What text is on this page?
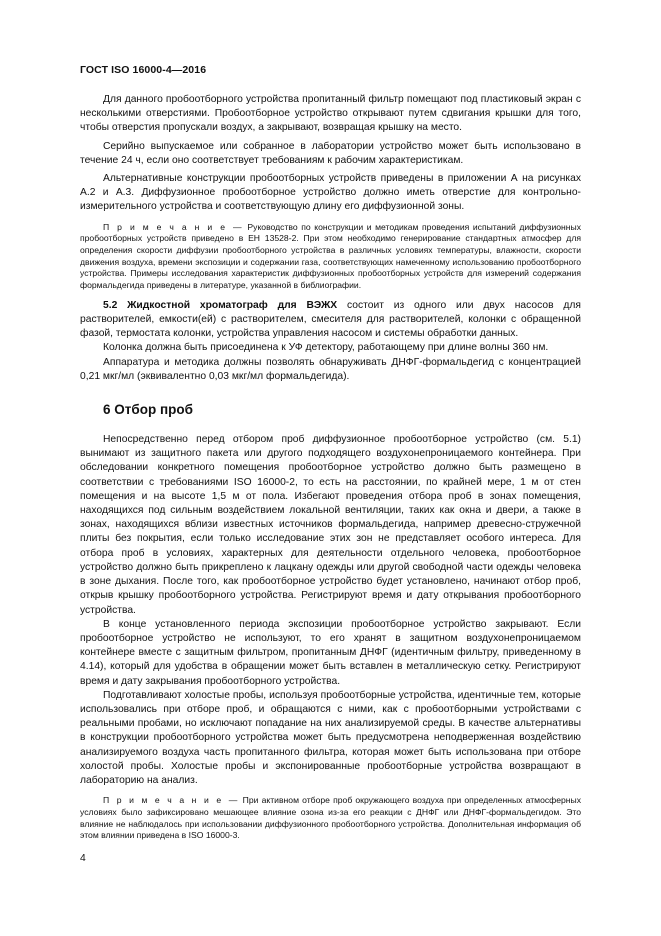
ГОСТ ISO 16000-4—2016

Для данного пробоотборного устройства пропитанный фильтр помещают под пластиковый экран с несколькими отверстиями. Пробоотборное устройство открывают путем сдвигания крышки для того, чтобы отверстия пропускали воздух, а закрывают, возвращая крышку на место.

Серийно выпускаемое или собранное в лаборатории устройство может быть использовано в течение 24 ч, если оно соответствует требованиям к рабочим характеристикам.

Альтернативные конструкции пробоотборных устройств приведены в приложении А на рисунках А.2 и А.3. Диффузионное пробоотборное устройство должно иметь отверстие для контрольно-измерительного устройства и соответствующую длину его диффузионной зоны.

П р и м е ч а н и е — Руководство по конструкции и методикам проведения испытаний диффузионных пробоотборных устройств приведено в ЕН 13528-2. При этом необходимо генерирование стандартных атмосфер для определения скорости диффузии пробоотборного устройства в различных условиях температуры, влажности, скорости движения воздуха, времени экспозиции и содержании газа, соответствующих намеченному использованию пробоотборного устройства. Примеры исследования характеристик диффузионных пробоотборных устройств для измерений содержания формальдегида приведены в литературе, указанной в библиографии.

5.2 Жидкостной хроматограф для ВЭЖХ состоит из одного или двух насосов для растворителей, емкости(ей) с растворителем, смесителя для растворителей, колонки с обращенной фазой, термостата колонки, устройства управления насосом и системы обработки данных.

Колонка должна быть присоединена к УФ детектору, работающему при длине волны 360 нм.

Аппаратура и методика должны позволять обнаруживать ДНФГ-формальдегид с концентрацией 0,21 мкг/мл (эквивалентно 0,03 мкг/мл формальдегида).

6 Отбор проб

Непосредственно перед отбором проб диффузионное пробоотборное устройство (см. 5.1) вынимают из защитного пакета или другого подходящего воздухонепроницаемого контейнера. При обследовании конкретного помещения пробоотборное устройство должно быть размещено в соответствии с требованиями ISO 16000-2, то есть на расстоянии, по крайней мере, 1 м от стен помещения и на высоте 1,5 м от пола. Избегают проведения отбора проб в зонах помещения, находящихся под сильным воздействием локальной вентиляции, таких как окна и двери, а также в зонах, находящихся вблизи известных источников формальдегида, например древесно-стружечной плиты без покрытия, если только исследование этих зон не представляет особого интереса. Для отбора проб в условиях, характерных для деятельности отдельного человека, пробоотборное устройство должно быть прикреплено к лацкану одежды или другой свободной части одежды человека в зоне дыхания. После того, как пробоотборное устройство будет установлено, начинают отбор проб, открыв крышку пробоотборного устройства. Регистрируют время и дату открывания пробоотборного устройства.

В конце установленного периода экспозиции пробоотборное устройство закрывают. Если пробоотборное устройство не используют, то его хранят в защитном воздухонепроницаемом контейнере вместе с защитным фильтром, пропитанным ДНФГ (идентичным фильтру, приведенному в 4.14), который для удобства в обращении может быть вставлен в металлическую сетку. Регистрируют время и дату закрывания пробоотборного устройства.

Подготавливают холостые пробы, используя пробоотборные устройства, идентичные тем, которые использовались при отборе проб, и обращаются с ними, как с пробоотборными устройствами с реальными пробами, но исключают попадание на них анализируемой среды. В качестве альтернативы в конструкции пробоотборного устройства может быть предусмотрена неподверженная воздействию анализируемого воздуха часть пропитанного фильтра, которая может быть использована при отборе холостой пробы. Холостые пробы и экспонированные пробоотборные устройства возвращают в лабораторию на анализ.

П р и м е ч а н и е — При активном отборе проб окружающего воздуха при определенных атмосферных условиях было зафиксировано мешающее влияние озона из-за его реакции с ДНФГ или ДНФГ-формальдегидом. Это влияние не наблюдалось при использовании диффузионного пробоотборного устройства. Дополнительная информация об этом влиянии приведена в ISO 16000-3.

4
